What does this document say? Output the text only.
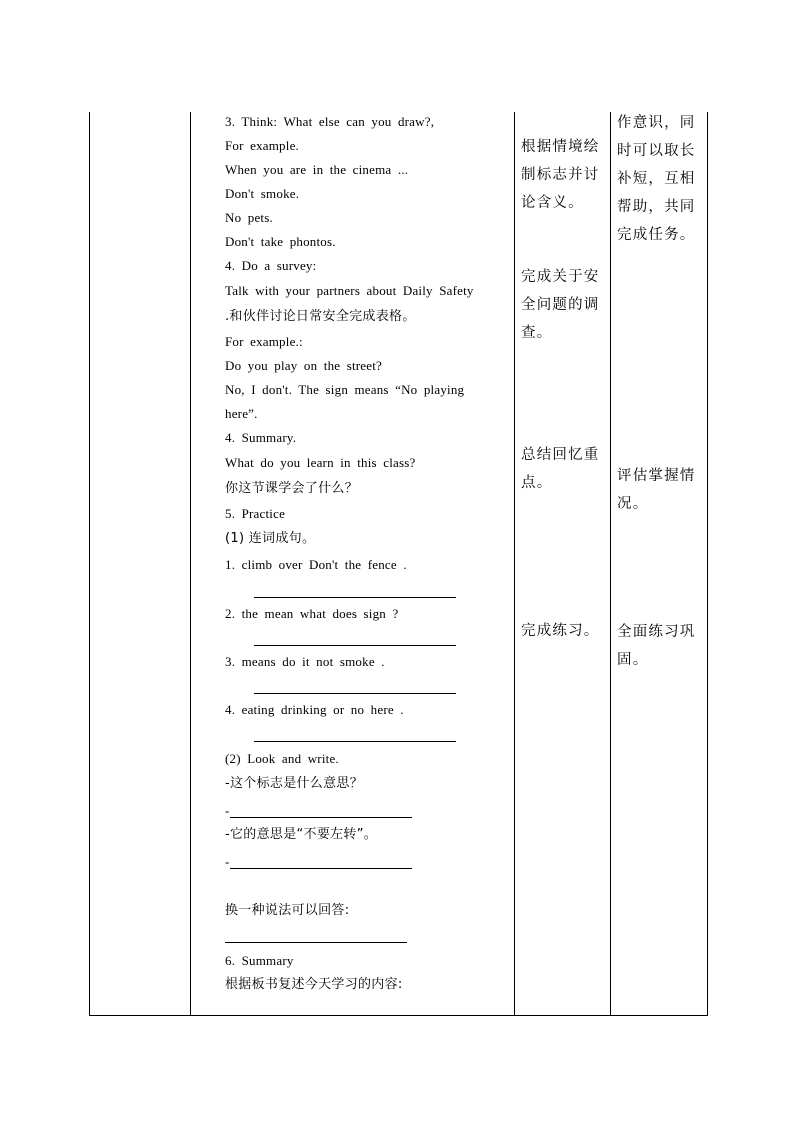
3. Think: What else can you draw?,
For example.
When you are in the cinema ...
Don't smoke.
No pets.
Don't take phontos.
4. Do a survey:
Talk with your partners about Daily Safety
.和伙伴讨论日常安全完成表格。
For example.:
Do you play on the street?
No, I don't. The sign means “No playing
here”.
4. Summary.
What do you learn in this class?
你这节课学会了什么？
5. Practice
(1) 连词成句。
1. climb over Don't the fence .
2. the mean what does sign ?
3. means do it not smoke .
4. eating drinking or no here .
(2) Look and write.
-这个标志是什么意思？
-
-它的意思是“不要左转”。
-
换一种说法可以回答:
6. Summary
根据板书复述今天学习的内容:
根据情境绘
制标志并讨
论含义。
完成关于安
全问题的调
查。
总结回忆重
点。
完成练习。
作意识，同
时可以取长
补短，互相
帮助，共同
完成任务。
评估掌握情
况。
全面练习巩
固。
